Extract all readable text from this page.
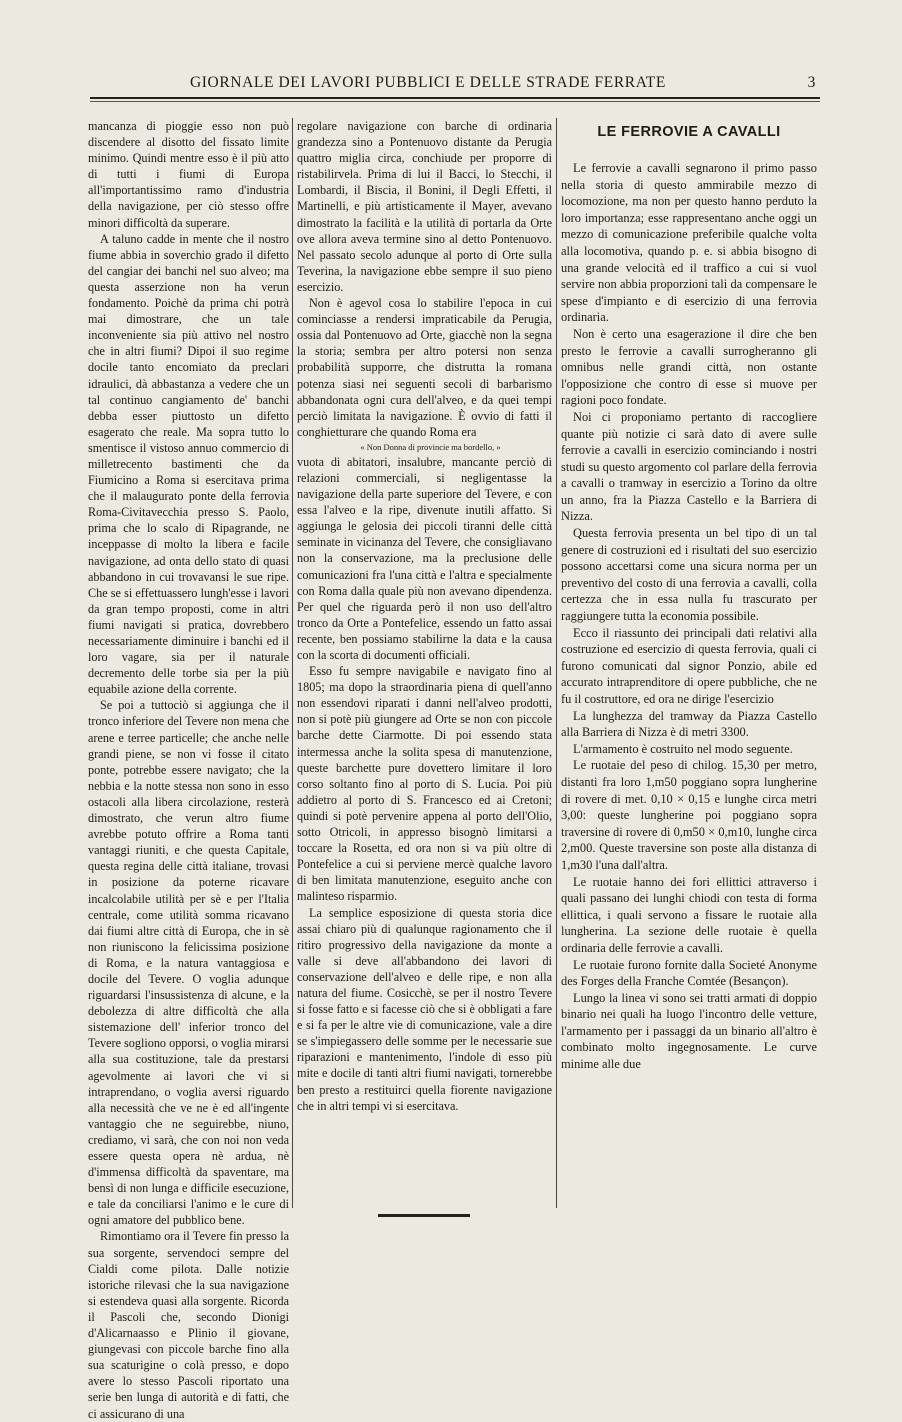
GIORNALE DEI LAVORI PUBBLICI E DELLE STRADE FERRATE	3

mancanza di pioggie esso non può discendere al disotto del fissato limite minimo. Quindi mentre esso è il più atto di tutti i fiumi di Europa all'importantissimo ramo d'industria della navigazione, per ciò stesso offre minori difficoltà da superare.

A taluno cadde in mente che il nostro fiume abbia in soverchio grado il difetto del cangiar dei banchi nel suo alveo; ma questa asserzione non ha verun fondamento. Poichè da prima chi potrà mai dimostrare, che un tale inconveniente sia più attivo nel nostro che in altri fiumi? Dipoi il suo regime docile tanto encomiato da preclari idraulici, dà abbastanza a vedere che un tal continuo cangiamento de' banchi debba esser piuttosto un difetto esagerato che reale. Ma sopra tutto lo smentisce il vistoso annuo commercio di milletrecento bastimenti che da Fiumicino a Roma si esercitava prima che il malaugurato ponte della ferrovia Roma-Civitavecchia presso S. Paolo, prima che lo scalo di Ripagrande, ne inceppasse di molto la libera e facile navigazione, ad onta dello stato di quasi abbandono in cui trovavansi le sue ripe. Che se si effettuassero lungh'esse i lavori da gran tempo proposti, come in altri fiumi navigati si pratica, dovrebbero necessariamente diminuire i banchi ed il loro vagare, sia per il naturale decremento delle torbe sia per la più equabile azione della corrente.

Se poi a tuttociò si aggiunga che il tronco inferiore del Tevere non mena che arene e terree particelle; che anche nelle grandi piene, se non vi fosse il citato ponte, potrebbe essere navigato; che la nebbia e la notte stessa non sono in esso ostacoli alla libera circolazione, resterà dimostrato, che verun altro fiume avrebbe potuto offrire a Roma tanti vantaggi riuniti, e che questa Capitale, questa regina delle città italiane, trovasi in posizione da poterne ricavare incalcolabile utilità per sè e per l'Italia centrale, come utilità somma ricavano dai fiumi altre città di Europa, che in sè non riuniscono la felicissima posizione di Roma, e la natura vantaggiosa e docile del Tevere. O voglia adunque riguardarsi l'insussistenza di alcune, e la debolezza di altre difficoltà che alla sistemazione dell' inferior tronco del Tevere sogliono opporsi, o voglia mirarsi alla sua costituzione, tale da prestarsi agevolmente ai lavori che vi si intraprendano, o voglia aversi riguardo alla necessità che ve ne è ed all'ingente vantaggio che ne seguirebbe, niuno, crediamo, vi sarà, che con noi non veda essere questa opera nè ardua, nè d'immensa difficoltà da spaventare, ma bensì di non lunga e difficile esecuzione, e tale da conciliarsi l'animo e le cure di ogni amatore del pubblico bene.

Rimontiamo ora il Tevere fin presso la sua sorgente, servendoci sempre del Cialdi come pilota. Dalle notizie istoriche rilevasi che la sua navigazione si estendeva quasi alla sorgente. Ricorda il Pascoli che, secondo Dionigi d'Alicarnaasso e Plinio il giovane, giungevasi con piccole barche fino alla sua scaturigine o colà presso, e dopo avere lo stesso Pascoli riportato una serie ben lunga di autorità e di fatti, che ci assicurano di una

regolare navigazione con barche di ordinaria grandezza sino a Pontenuovo distante da Perugia quattro miglia circa, conchiude per proporre di ristabilirvela. Prima di lui il Bacci, lo Stecchi, il Lombardi, il Biscia, il Bonini, il Degli Effetti, il Martinelli, e più artisticamente il Mayer, avevano dimostrato la facilità e la utilità di portarla da Orte ove allora aveva termine sino al detto Pontenuovo. Nel passato secolo adunque al porto di Orte sulla Teverina, la navigazione ebbe sempre il suo pieno esercizio.

Non è agevol cosa lo stabilire l'epoca in cui cominciasse a rendersi impraticabile da Perugia, ossia dal Pontenuovo ad Orte, giacchè non la segna la storia; sembra per altro potersi non senza probabilità supporre, che distrutta la romana potenza siasi nei seguenti secoli di barbarismo abbandonata ogni cura dell'alveo, e da quei tempi perciò limitata la navigazione. È ovvio di fatti il conghietturare che quando Roma era

« Non Donna di provincie ma bordello, »

vuota di abitatori, insalubre, mancante perciò di relazioni commerciali, si negligentasse la navigazione della parte superiore del Tevere, e con essa l'alveo e la ripe, divenute inutili affatto. Si aggiunga le gelosia dei piccoli tiranni delle città seminate in vicinanza del Tevere, che consigliavano non la conservazione, ma la preclusione delle comunicazioni fra l'una città e l'altra e specialmente con Roma dalla quale più non avevano dipendenza. Per quel che riguarda però il non uso dell'altro tronco da Orte a Pontefelice, essendo un fatto assai recente, ben possiamo stabilirne la data e la causa con la scorta di documenti officiali.

Esso fu sempre navigabile e navigato fino al 1805; ma dopo la straordinaria piena di quell'anno non essendovi riparati i danni nell'alveo prodotti, non si potè più giungere ad Orte se non con piccole barche dette Ciarmotte. Di poi essendo stata intermessa anche la solita spesa di manutenzione, queste barchette pure dovettero limitare il loro corso soltanto fino al porto di S. Lucia. Poi più addietro al porto di S. Francesco ed ai Cretoni; quindi si potè pervenire appena al porto dell'Olio, sotto Otricoli, in appresso bisognò limitarsi a toccare la Rosetta, ed ora non si va più oltre di Pontefelice a cui si perviene mercè qualche lavoro di ben limitata manutenzione, eseguito anche con malinteso risparmio.

La semplice esposizione di questa storia dice assai chiaro più di qualunque ragionamento che il ritiro progressivo della navigazione da monte a valle si deve all'abbandono dei lavori di conservazione dell'alveo e delle ripe, e non alla natura del fiume. Cosicchè, se per il nostro Tevere si fosse fatto e si facesse ciò che si è obbligati a fare e si fa per le altre vie di comunicazione, vale a dire se s'impiegassero delle somme per le necessarie sue riparazioni e mantenimento, l'indole di esso più mite e docile di tanti altri fiumi navigati, tornerebbe ben presto a restituirci quella fiorente navigazione che in altri tempi vi si esercitava.

LE FERROVIE A CAVALLI

Le ferrovie a cavalli segnarono il primo passo nella storia di questo ammirabile mezzo di locomozione, ma non per questo hanno perduto la loro importanza; esse rappresentano anche oggi un mezzo di comunicazione preferibile qualche volta alla locomotiva, quando p. e. si abbia bisogno di una grande velocità ed il traffico a cui si vuol servire non abbia proporzioni tali da compensare le spese d'impianto e di esercizio di una ferrovia ordinaria.

Non è certo una esagerazione il dire che ben presto le ferrovie a cavalli surrogheranno gli omnibus nelle grandi città, non ostante l'opposizione che contro di esse si muove per ragioni poco fondate.

Noi ci proponiamo pertanto di raccogliere quante più notizie ci sarà dato di avere sulle ferrovie a cavalli in esercizio cominciando i nostri studi su questo argomento col parlare della ferrovia a cavalli o tramway in esercizio a Torino da oltre un anno, fra la Piazza Castello e la Barriera di Nizza.

Questa ferrovia presenta un bel tipo di un tal genere di costruzioni ed i risultati del suo esercizio possono accettarsi come una sicura norma per un preventivo del costo di una ferrovia a cavalli, colla certezza che in essa nulla fu trascurato per raggiungere tutta la economia possibile.

Ecco il riassunto dei principali dati relativi alla costruzione ed esercizio di questa ferrovia, quali ci furono comunicati dal signor Ponzio, abile ed accurato intraprenditore di opere pubbliche, che ne fu il costruttore, ed ora ne dirige l'esercizio

La lunghezza del tramway da Piazza Castello alla Barriera di Nizza è di metri 3300.

L'armamento è costruito nel modo seguente.

Le ruotaie del peso di chilog. 15,30 per metro, distanti fra loro 1,m50 poggiano sopra lungherine di rovere di met. 0,10 × 0,15 e lunghe circa metri 3,00: queste lungherine poi poggiano sopra traversine di rovere di 0,m50 × 0,m10, lunghe circa 2,m00. Queste traversine son poste alla distanza di 1,m30 l'una dall'altra.

Le ruotaie hanno dei fori ellittici attraverso i quali passano dei lunghi chiodi con testa di forma ellittica, i quali servono a fissare le ruotaie alla lungherina. La sezione delle ruotaie è quella ordinaria delle ferrovie a cavalli.

Le ruotaie furono fornite dalla Societé Anonyme des Forges della Franche Comtée (Besançon).

Lungo la linea vi sono sei tratti armati di doppio binario nei quali ha luogo l'incontro delle vetture, l'armamento per i passaggi da un binario all'altro è combinato molto ingegnosamente. Le curve minime alle due
